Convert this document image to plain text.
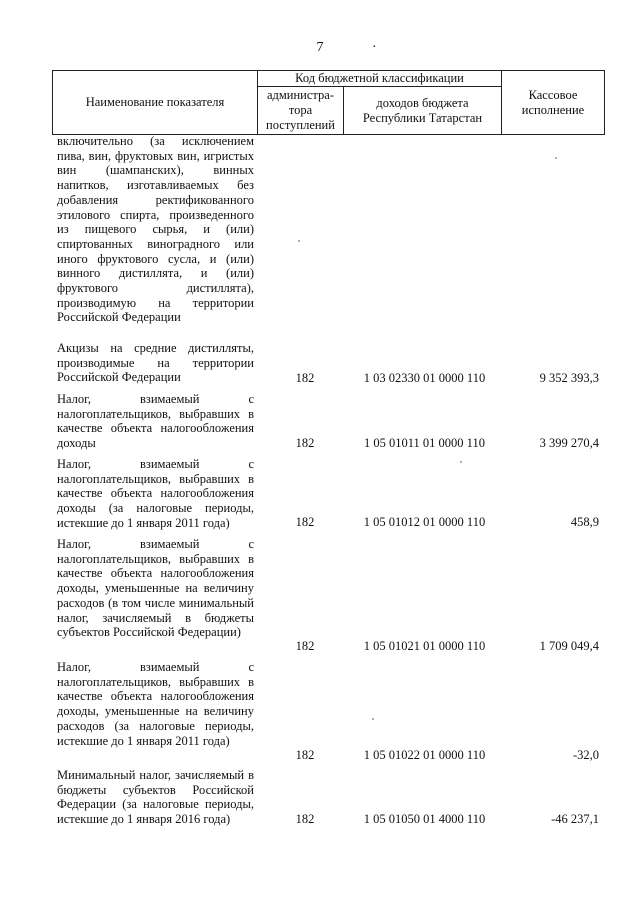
7	·
Наименование показателя	Код бюджетной классификации		Кассовое исполнение
	администра-тора поступлений	доходов бюджета Республики Татарстан	
включительно (за исключением пива, вин, фруктовых вин, игристых вин (шампанских), винных напитков, изготавливаемых без добавления ректификованного этилового спирта, произведенного из пищевого сырья, и (или) спиртованных виноградного или иного фруктового сусла, и (или) винного дистиллята, и (или) фруктового дистиллята), производимую на территории Российской Федерации
Акцизы на средние дистилляты, производимые на территории Российской Федерации	182	1 03 02330 01 0000 110	9 352 393,3
Налог, взимаемый с налогоплательщиков, выбравших в качестве объекта налогообложения доходы	182	1 05 01011 01 0000 110	3 399 270,4
Налог, взимаемый с налогоплательщиков, выбравших в качестве объекта налогообложения доходы (за налоговые периоды, истекшие до 1 января 2011 года)	182	1 05 01012 01 0000 110	458,9
Налог, взимаемый с налогоплательщиков, выбравших в качестве объекта налогообложения доходы, уменьшенные на величину расходов (в том числе минимальный налог, зачисляемый в бюджеты субъектов Российской Федерации)
182	1 05 01021 01 0000 110	1 709 049,4
Налог, взимаемый с налогоплательщиков, выбравших в качестве объекта налогообложения доходы, уменьшенные на величину расходов (за налоговые периоды, истекшие до 1 января 2011 года)
182	1 05 01022 01 0000 110	-32,0
Минимальный налог, зачисляемый в бюджеты субъектов Российской Федерации (за налоговые периоды, истекшие до 1 января 2016 года)	182	1 05 01050 01 4000 110	-46 237,1
